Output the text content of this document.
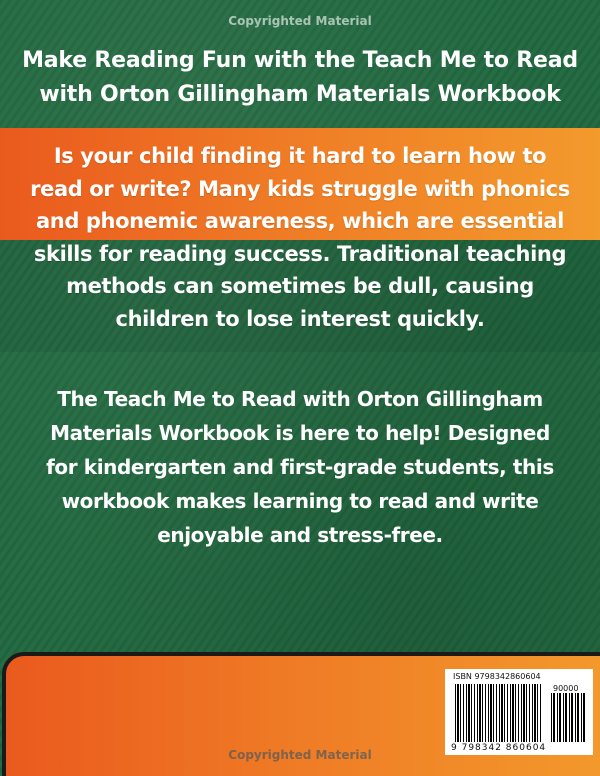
Copyrighted Material
Make Reading Fun with the Teach Me to Read
with Orton Gillingham Materials Workbook
Is your child finding it hard to learn how to
read or write? Many kids struggle with phonics
and phonemic awareness, which are essential
skills for reading success. Traditional teaching
methods can sometimes be dull, causing
children to lose interest quickly.
The Teach Me to Read with Orton Gillingham
Materials Workbook is here to help! Designed
for kindergarten and first-grade students, this
workbook makes learning to read and write
enjoyable and stress-free.
ISBN 9798342860604
90000
9 798342 860604
Copyrighted Material
